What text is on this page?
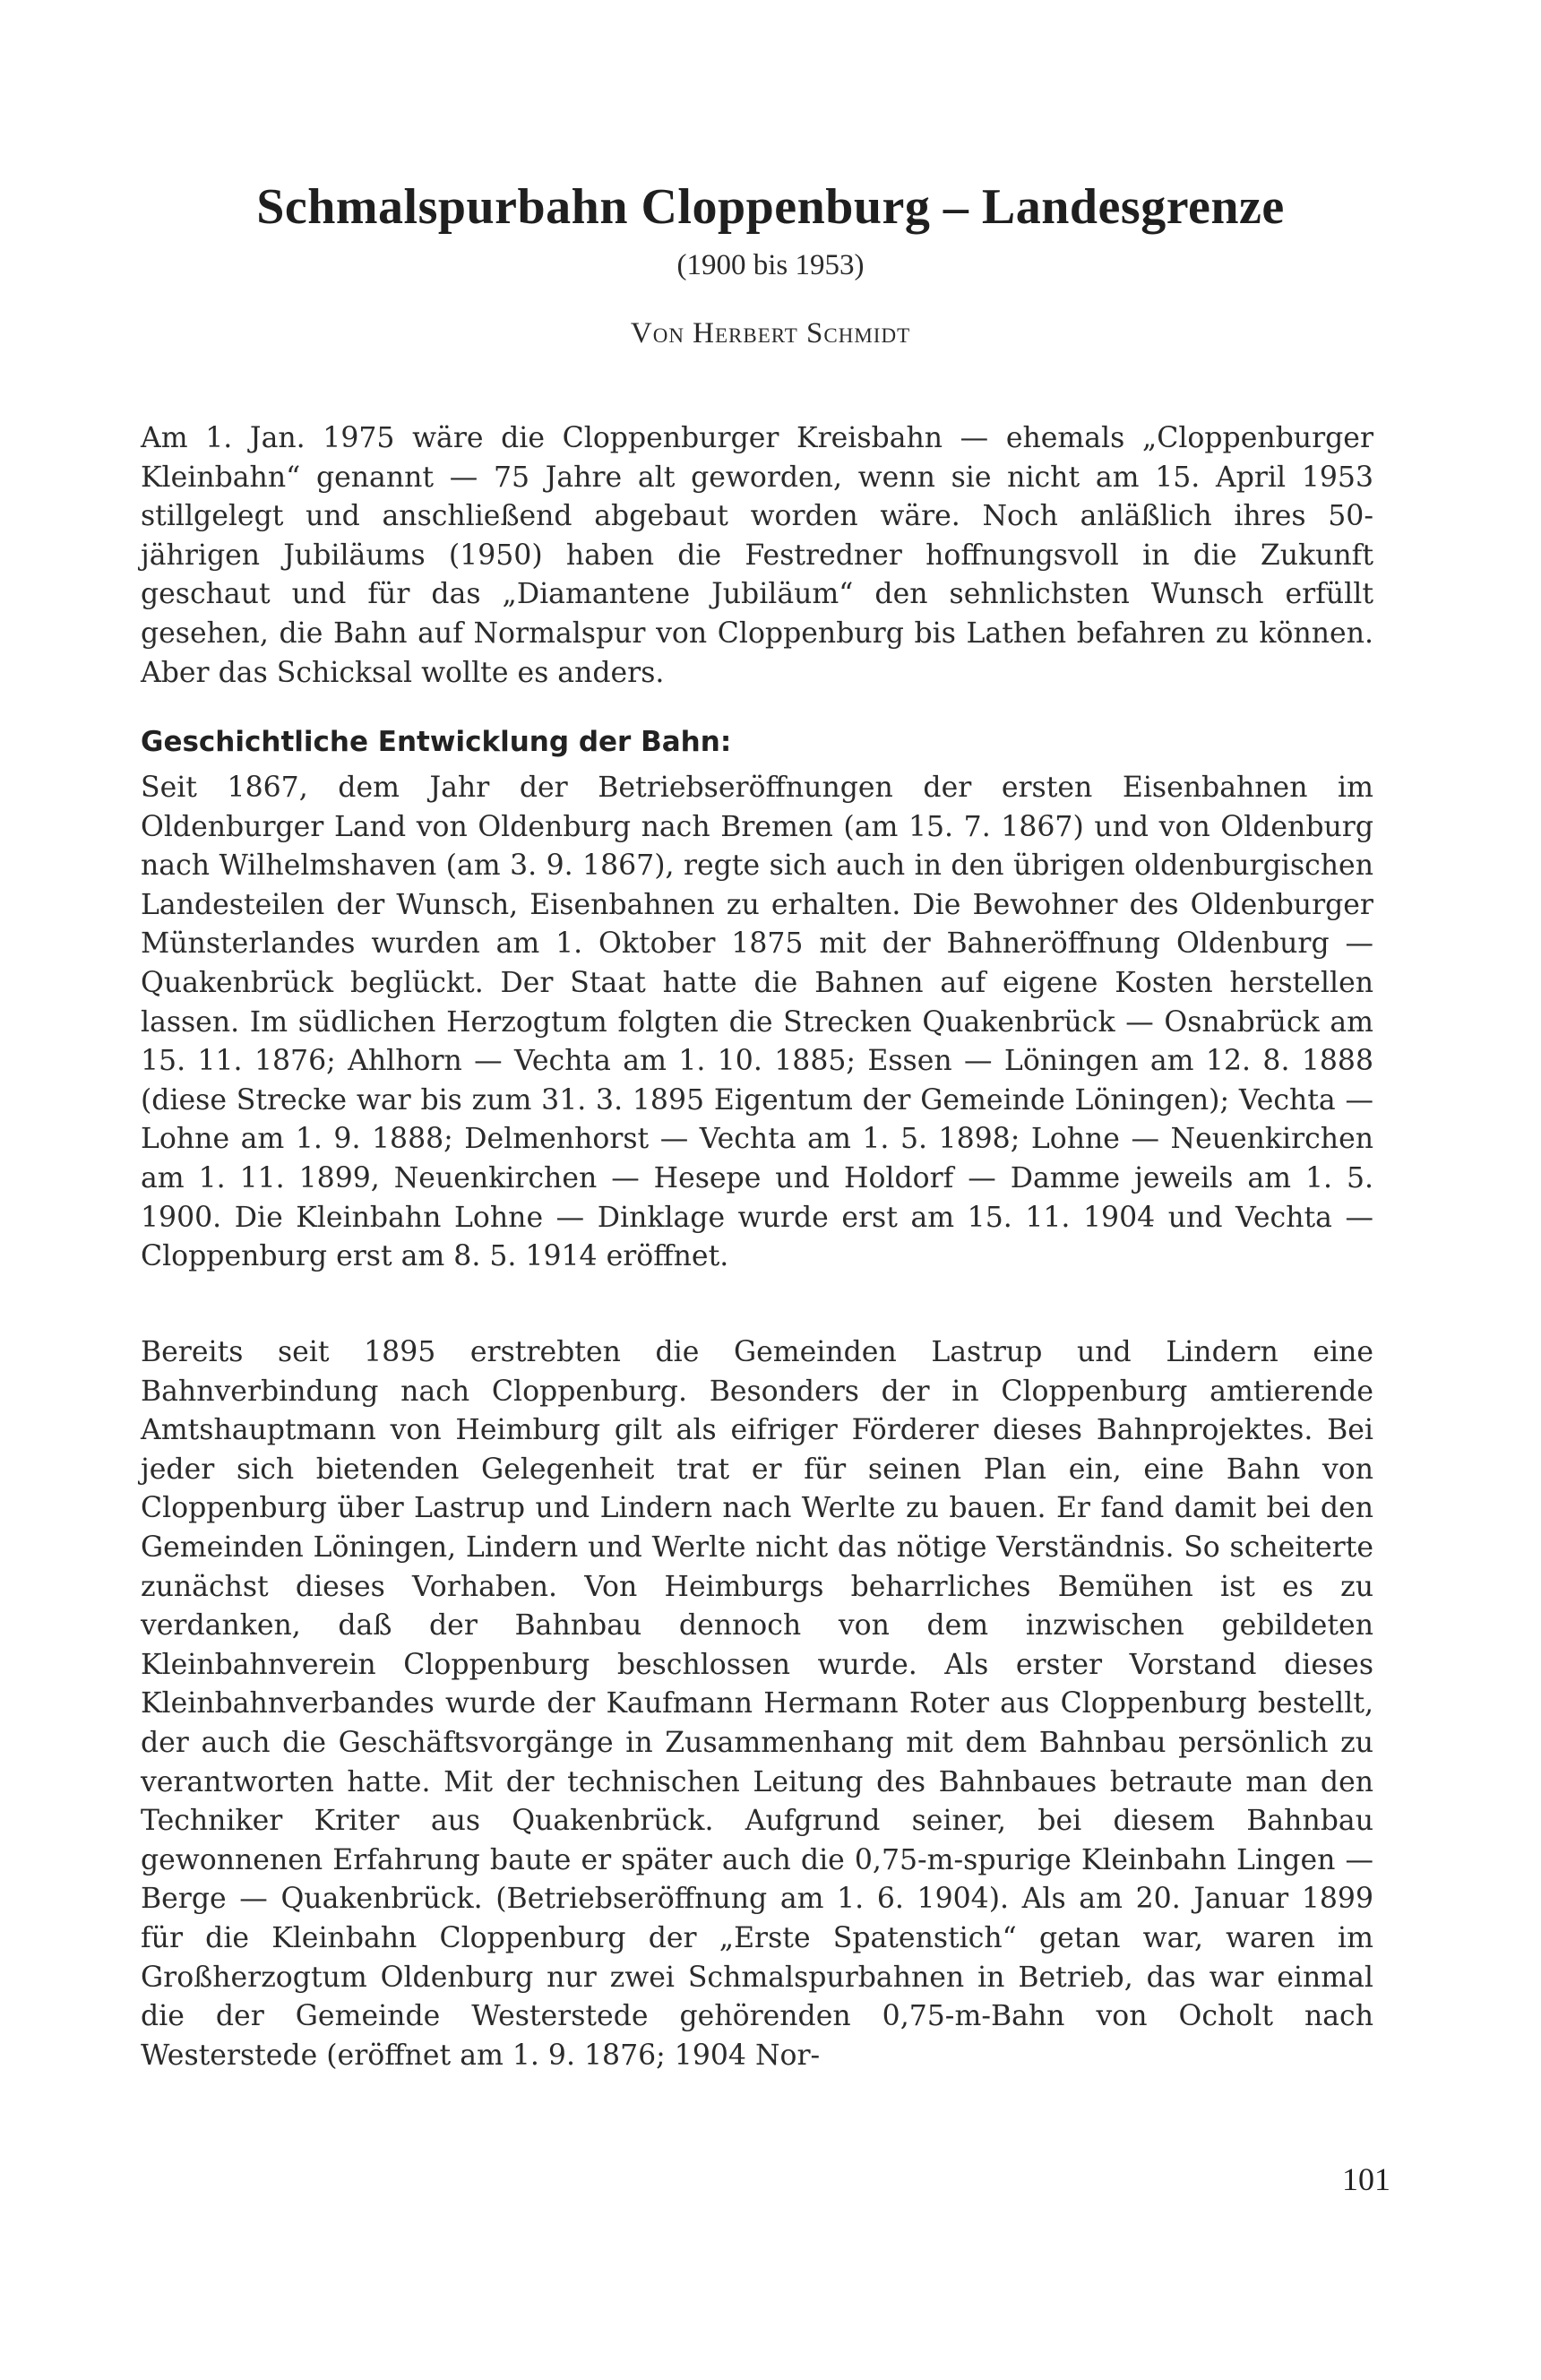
Schmalspurbahn Cloppenburg – Landesgrenze
(1900 bis 1953)
Von Herbert Schmidt

Am 1. Jan. 1975 wäre die Cloppenburger Kreisbahn — ehemals „Cloppenburger Kleinbahn“ genannt — 75 Jahre alt geworden, wenn sie nicht am 15. April 1953 stillgelegt und anschließend abgebaut worden wäre. Noch anläßlich ihres 50-jährigen Jubiläums (1950) haben die Festredner hoffnungsvoll in die Zukunft geschaut und für das „Diamantene Jubiläum“ den sehnlichsten Wunsch erfüllt gesehen, die Bahn auf Normalspur von Cloppenburg bis Lathen befahren zu können. Aber das Schicksal wollte es anders.

Geschichtliche Entwicklung der Bahn:

Seit 1867, dem Jahr der Betriebseröffnungen der ersten Eisenbahnen im Oldenburger Land von Oldenburg nach Bremen (am 15. 7. 1867) und von Oldenburg nach Wilhelmshaven (am 3. 9. 1867), regte sich auch in den übrigen oldenburgischen Landesteilen der Wunsch, Eisenbahnen zu erhalten. Die Bewohner des Oldenburger Münsterlandes wurden am 1. Oktober 1875 mit der Bahneröffnung Oldenburg — Quakenbrück beglückt. Der Staat hatte die Bahnen auf eigene Kosten herstellen lassen. Im südlichen Herzogtum folgten die Strecken Quakenbrück — Osnabrück am 15. 11. 1876; Ahlhorn — Vechta am 1. 10. 1885; Essen — Löningen am 12. 8. 1888 (diese Strecke war bis zum 31. 3. 1895 Eigentum der Gemeinde Löningen); Vechta — Lohne am 1. 9. 1888; Delmenhorst — Vechta am 1. 5. 1898; Lohne — Neuenkirchen am 1. 11. 1899, Neuenkirchen — Hesepe und Holdorf — Damme jeweils am 1. 5. 1900. Die Kleinbahn Lohne — Dinklage wurde erst am 15. 11. 1904 und Vechta — Cloppenburg erst am 8. 5. 1914 eröffnet.

Bereits seit 1895 erstrebten die Gemeinden Lastrup und Lindern eine Bahnverbindung nach Cloppenburg. Besonders der in Cloppenburg amtierende Amtshauptmann von Heimburg gilt als eifriger Förderer dieses Bahnprojektes. Bei jeder sich bietenden Gelegenheit trat er für seinen Plan ein, eine Bahn von Cloppenburg über Lastrup und Lindern nach Werlte zu bauen. Er fand damit bei den Gemeinden Löningen, Lindern und Werlte nicht das nötige Verständnis. So scheiterte zunächst dieses Vorhaben. Von Heimburgs beharrliches Bemühen ist es zu verdanken, daß der Bahnbau dennoch von dem inzwischen gebildeten Kleinbahnverein Cloppenburg beschlossen wurde. Als erster Vorstand dieses Kleinbahnverbandes wurde der Kaufmann Hermann Roter aus Cloppenburg bestellt, der auch die Geschäftsvorgänge in Zusammenhang mit dem Bahnbau persönlich zu verantworten hatte. Mit der technischen Leitung des Bahnbaues betraute man den Techniker Kriter aus Quakenbrück. Aufgrund seiner, bei diesem Bahnbau gewonnenen Erfahrung baute er später auch die 0,75-m-spurige Kleinbahn Lingen — Berge — Quakenbrück. (Betriebseröffnung am 1. 6. 1904). Als am 20. Januar 1899 für die Kleinbahn Cloppenburg der „Erste Spatenstich“ getan war, waren im Großherzogtum Oldenburg nur zwei Schmalspurbahnen in Betrieb, das war einmal die der Gemeinde Westerstede gehörenden 0,75-m-Bahn von Ocholt nach Westerstede (eröffnet am 1. 9. 1876; 1904 Nor-

101
